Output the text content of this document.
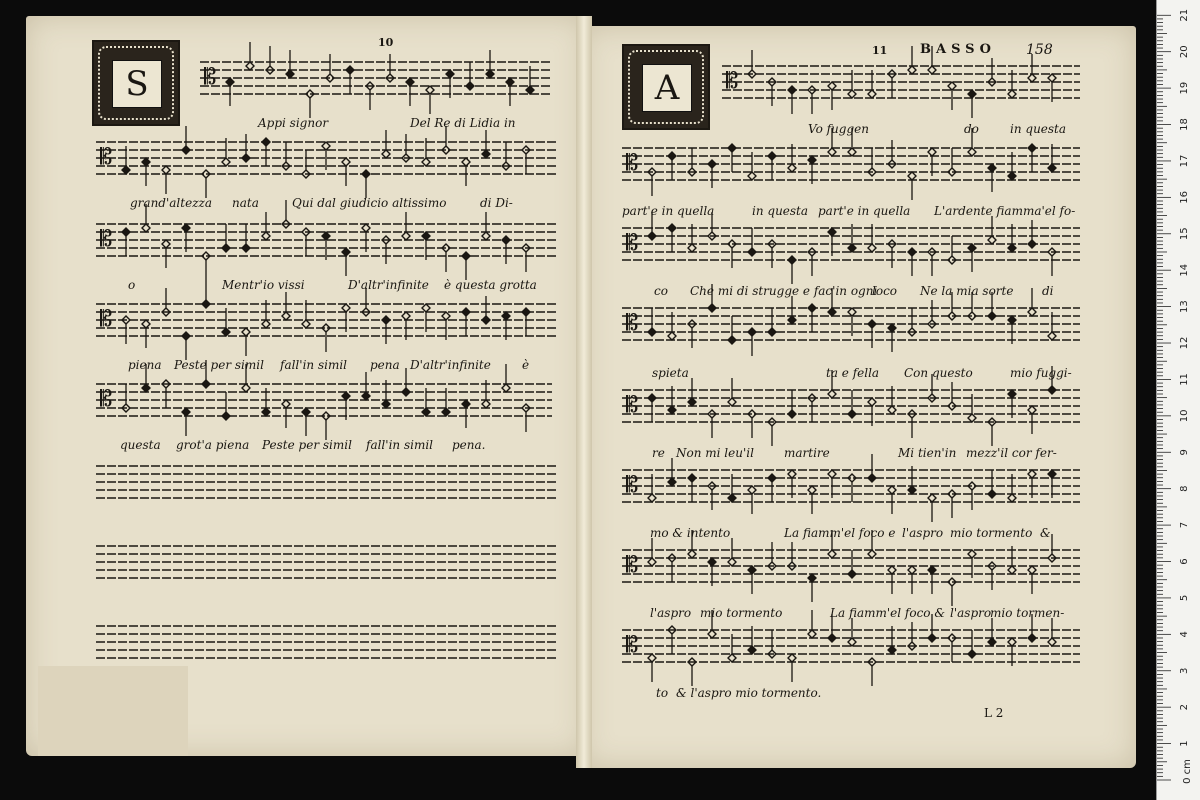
𝄡
𝄡
𝄡
𝄡
𝄡
𝄡
𝄡
𝄡
𝄡
𝄡
𝄡
𝄡
𝄡
S	A
10
11	BASSO 158
L 2
Appi signor	Del Re di Lidia in
grand'altezza nata	Qui dal giudicio altissimo	di Di-
o	Mentr'io vissi	D'altr'infinite è questa grotta
piena Peste per simil fall'in simil pena D'altr'infinite	è
questa grot'a piena Peste per simil fall'in simil pena.
Vo fuggen	do	in questa
part'e in quella	in questa part'e in quella L'ardente fiamma'el fo-
co Che mi di strugge e fac'in ogni
loco Ne la mia sorte di
spieta	ta e fella Con questo	mio fuggi-
re Non mi leu'il	martire	Mi tien'in mezz'il cor fer-
mo & intento	La fiamm'el foco e l'aspro mio tormento &
l'aspro mio tormento	La fiamm'el foco & l'aspro
mio tormen-
to & l'aspro mio tormento.
1
2
3
4
5
6
7
8
9
10
11
12
13
14
15
16
17
18
19
20
21
0 cm
